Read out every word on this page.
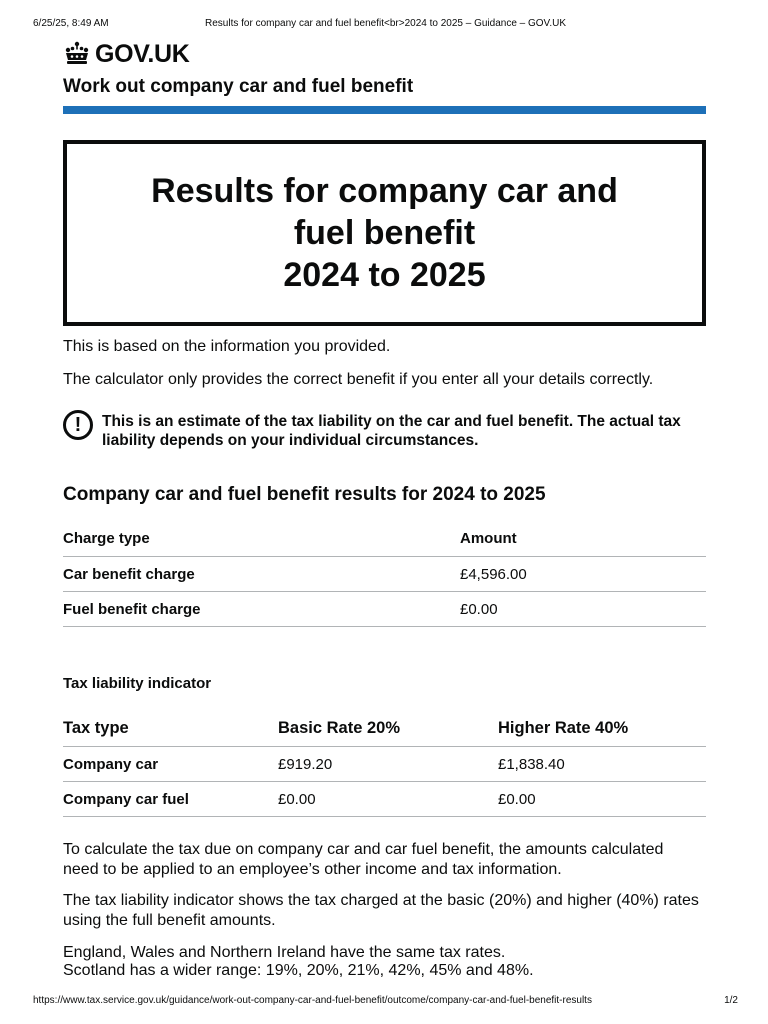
6/25/25, 8:49 AM	Results for company car and fuel benefit<br>2024 to 2025 – Guidance – GOV.UK
GOV.UK
Work out company car and fuel benefit
Results for company car and
fuel benefit
2024 to 2025
This is based on the information you provided.
The calculator only provides the correct benefit if you enter all your details correctly.
!	This is an estimate of the tax liability on the car and fuel benefit. The actual tax liability depends on your individual circumstances.
Company car and fuel benefit results for 2024 to 2025
Charge type	Amount
Car benefit charge	£4,596.00
Fuel benefit charge	£0.00
Tax liability indicator
Tax type	Basic Rate 20%	Higher Rate 40%
Company car	£919.20	£1,838.40
Company car fuel	£0.00	£0.00
To calculate the tax due on company car and car fuel benefit, the amounts calculated need to be applied to an employee’s other income and tax information.
The tax liability indicator shows the tax charged at the basic (20%) and higher (40%) rates using the full benefit amounts.
England, Wales and Northern Ireland have the same tax rates.
Scotland has a wider range: 19%, 20%, 21%, 42%, 45% and 48%.
https://www.tax.service.gov.uk/guidance/work-out-company-car-and-fuel-benefit/outcome/company-car-and-fuel-benefit-results	1/2
